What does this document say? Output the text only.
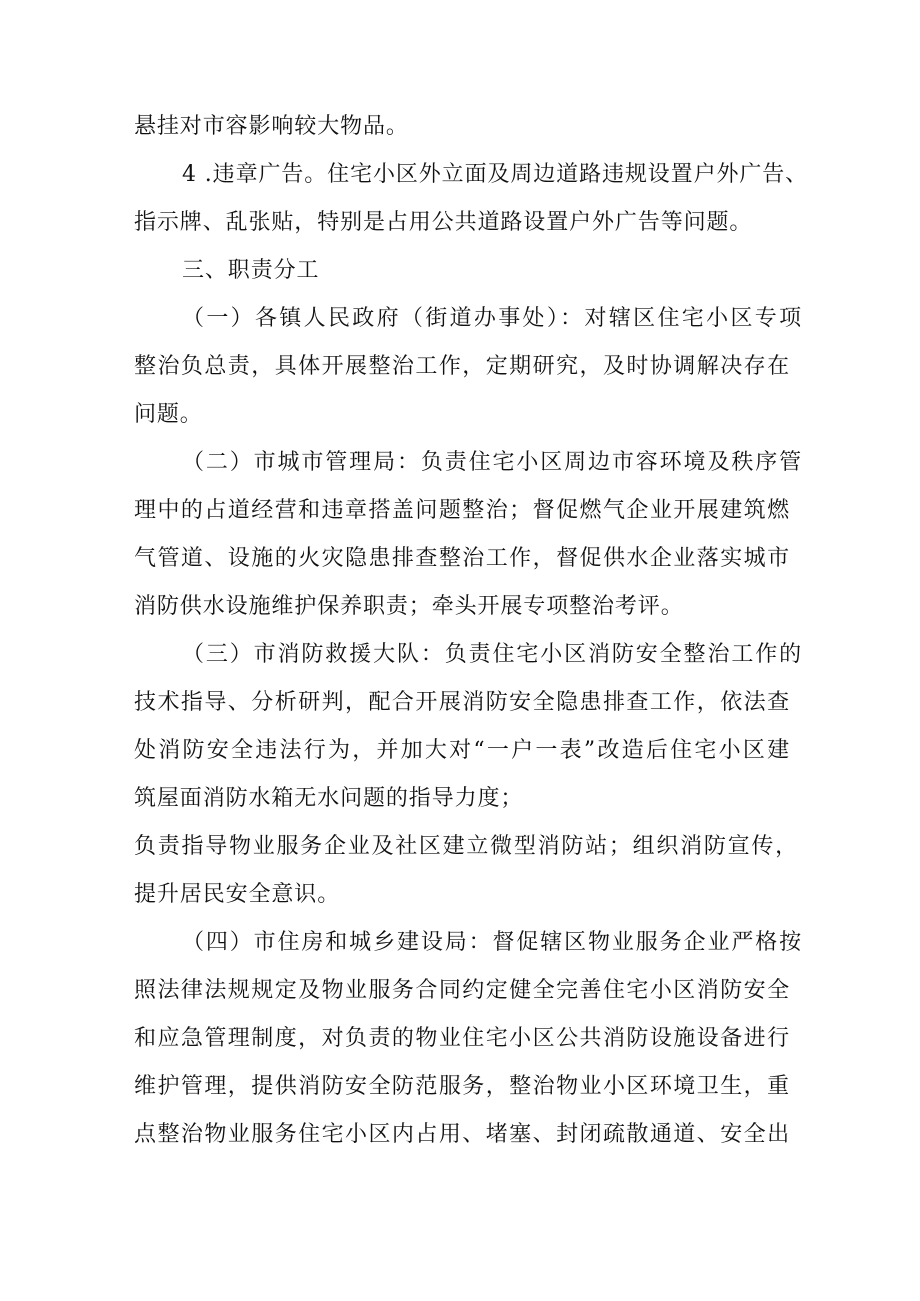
悬挂对市容影响较大物品。
4 .违章广告。住宅小区外立面及周边道路违规设置户外广告、
指示牌、乱张贴，特别是占用公共道路设置户外广告等问题。
三、职责分工
（一）各镇人民政府（街道办事处）：对辖区住宅小区专项
整治负总责，具体开展整治工作，定期研究，及时协调解决存在
问题。
（二）市城市管理局：负责住宅小区周边市容环境及秩序管
理中的占道经营和违章搭盖问题整治；督促燃气企业开展建筑燃
气管道、设施的火灾隐患排查整治工作，督促供水企业落实城市
消防供水设施维护保养职责；牵头开展专项整治考评。
（三）市消防救援大队：负责住宅小区消防安全整治工作的
技术指导、分析研判，配合开展消防安全隐患排查工作，依法查
处消防安全违法行为，并加大对“一户一表”改造后住宅小区建
筑屋面消防水箱无水问题的指导力度；
负责指导物业服务企业及社区建立微型消防站；组织消防宣传，
提升居民安全意识。
（四）市住房和城乡建设局：督促辖区物业服务企业严格按
照法律法规规定及物业服务合同约定健全完善住宅小区消防安全
和应急管理制度，对负责的物业住宅小区公共消防设施设备进行
维护管理，提供消防安全防范服务，整治物业小区环境卫生，重
点整治物业服务住宅小区内占用、堵塞、封闭疏散通道、安全出
